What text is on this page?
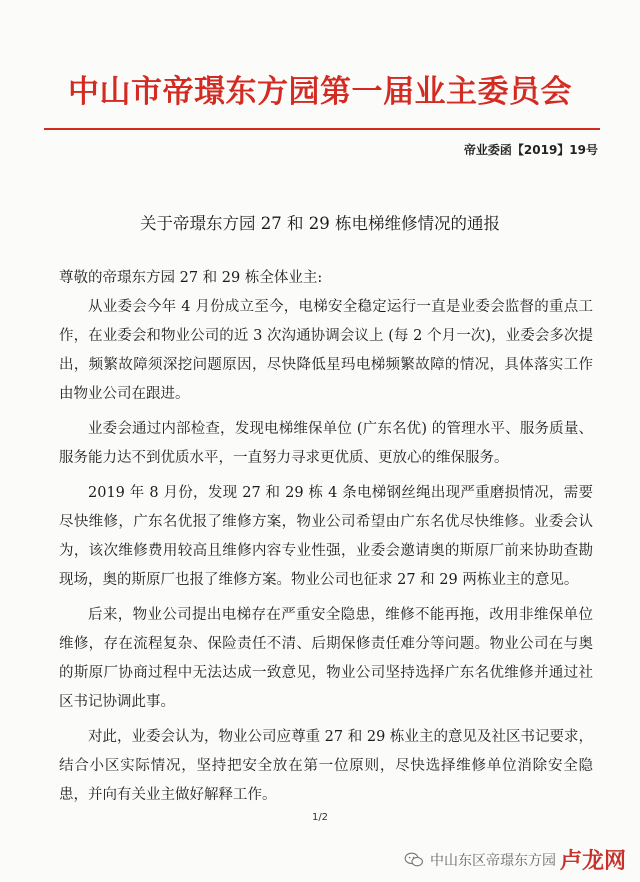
中山市帝璟东方园第一届业主委员会
帝业委函【2019】19号
关于帝璟东方园 27 和 29 栋电梯维修情况的通报

尊敬的帝璟东方园 27 和 29 栋全体业主:

从业委会今年 4 月份成立至今，电梯安全稳定运行一直是业委会监督的重点工作，在业委会和物业公司的近 3 次沟通协调会议上 (每 2 个月一次)，业委会多次提出，频繁故障须深挖问题原因，尽快降低星玛电梯频繁故障的情况，具体落实工作由物业公司在跟进。

业委会通过内部检查，发现电梯维保单位 (广东名优) 的管理水平、服务质量、服务能力达不到优质水平，一直努力寻求更优质、更放心的维保服务。

2019 年 8 月份，发现 27 和 29 栋 4 条电梯钢丝绳出现严重磨损情况，需要尽快维修，广东名优报了维修方案，物业公司希望由广东名优尽快维修。业委会认为，该次维修费用较高且维修内容专业性强，业委会邀请奥的斯原厂前来协助查勘现场，奥的斯原厂也报了维修方案。物业公司也征求 27 和 29 两栋业主的意见。

后来，物业公司提出电梯存在严重安全隐患，维修不能再拖，改用非维保单位维修，存在流程复杂、保险责任不清、后期保修责任难分等问题。物业公司在与奥的斯原厂协商过程中无法达成一致意见，物业公司坚持选择广东名优维修并通过社区书记协调此事。

对此，业委会认为，物业公司应尊重 27 和 29 栋业主的意见及社区书记要求，结合小区实际情况，坚持把安全放在第一位原则，尽快选择维修单位消除安全隐患，并向有关业主做好解释工作。

1/2
中山东区帝璟东方园 卢龙网
